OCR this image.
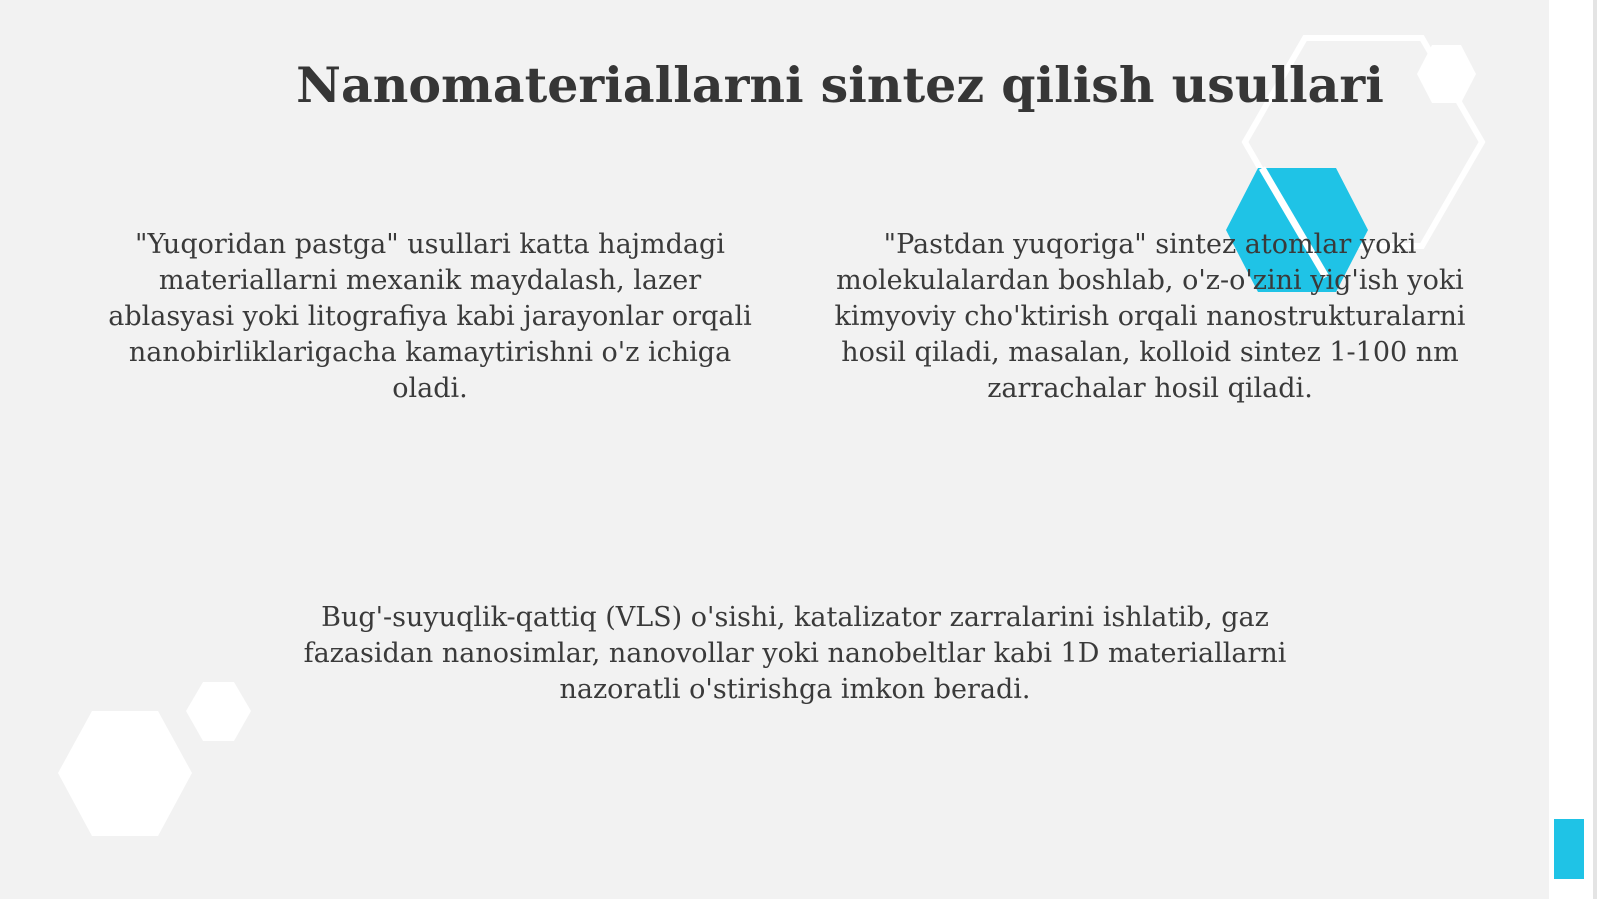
Nanomateriallarni sintez qilish usullari

"Yuqoridan pastga" usullari katta hajmdagi materiallarni mexanik maydalash, lazer ablasyasi yoki litografiya kabi jarayonlar orqali nanobirliklarigacha kamaytirishni o'z ichiga oladi.

"Pastdan yuqoriga" sintez atomlar yoki molekulalardan boshlab, o'z-o'zini yig'ish yoki kimyoviy cho'ktirish orqali nanostrukturalarni hosil qiladi, masalan, kolloid sintez 1-100 nm zarrachalar hosil qiladi.

Bug'-suyuqlik-qattiq (VLS) o'sishi, katalizator zarralarini ishlatib, gaz fazasidan nanosimlar, nanovollar yoki nanobeltlar kabi 1D materiallarni nazoratli o'stirishga imkon beradi.
